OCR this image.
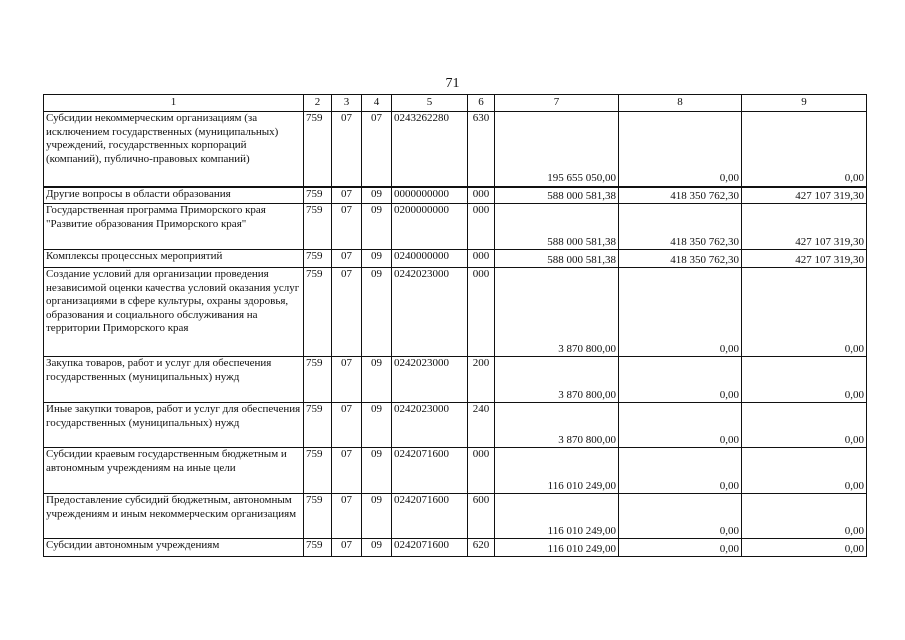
71
1	2	3	4	5	6	7	8	9
Субсидии некоммерческим организациям (за исключением государственных (муниципальных) учреждений, государственных корпораций (компаний), публично-правовых компаний)	759	07	07	0243262280	630	195 655 050,00	0,00	0,00
Другие вопросы в области образования	759	07	09	0000000000	000	588 000 581,38	418 350 762,30	427 107 319,30
Государственная программа Приморского края "Развитие образования Приморского края"	759	07	09	0200000000	000	588 000 581,38	418 350 762,30	427 107 319,30
Комплексы процессных мероприятий	759	07	09	0240000000	000	588 000 581,38	418 350 762,30	427 107 319,30
Создание условий для организации проведения независимой оценки качества условий оказания услуг организациями в сфере культуры, охраны здоровья, образования и социального обслуживания на территории Приморского края	759	07	09	0242023000	000	3 870 800,00	0,00	0,00
Закупка товаров, работ и услуг для обеспечения государственных (муниципальных) нужд	759	07	09	0242023000	200	3 870 800,00	0,00	0,00
Иные закупки товаров, работ и услуг для обеспечения государственных (муниципальных) нужд	759	07	09	0242023000	240	3 870 800,00	0,00	0,00
Субсидии краевым государственным бюджетным и автономным учреждениям на иные цели	759	07	09	0242071600	000	116 010 249,00	0,00	0,00
Предоставление субсидий бюджетным, автономным учреждениям и иным некоммерческим организациям	759	07	09	0242071600	600	116 010 249,00	0,00	0,00
Субсидии автономным учреждениям	759	07	09	0242071600	620	116 010 249,00	0,00	0,00
